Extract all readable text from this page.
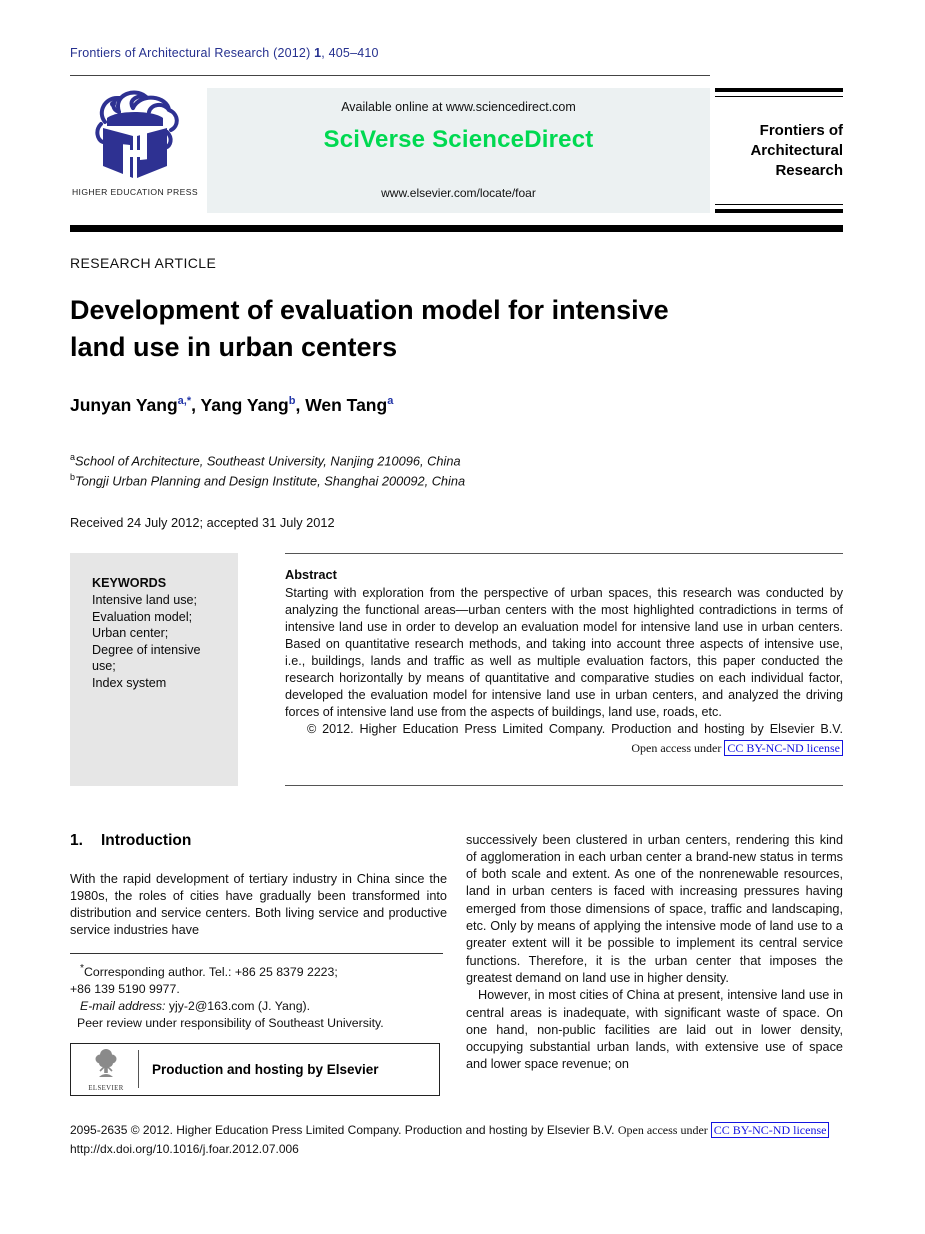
Frontiers of Architectural Research (2012) 1, 405–410
HIGHER EDUCATION PRESS
Available online at www.sciencedirect.com
SciVerse ScienceDirect
www.elsevier.com/locate/foar
Frontiers of
Architectural
Research
RESEARCH ARTICLE
Development of evaluation model for intensive
land use in urban centers
Junyan Yang$^{a,*}$, Yang Yang$^b$, Wen Tang$^a$
$^a$School of Architecture, Southeast University, Nanjing 210096, China
$^b$Tongji Urban Planning and Design Institute, Shanghai 200092, China
Received 24 July 2012; accepted 31 July 2012
KEYWORDS
Intensive land use;
Evaluation model;
Urban center;
Degree of intensive use;
Index system
Abstract
Starting with exploration from the perspective of urban spaces, this research was conducted by analyzing the functional areas—urban centers with the most highlighted contradictions in terms of intensive land use in order to develop an evaluation model for intensive land use in urban centers. Based on quantitative research methods, and taking into account three aspects of intensive use, i.e., buildings, lands and traffic as well as multiple evaluation factors, this paper conducted the research horizontally by means of quantitative and comparative studies on each individual factor, developed the evaluation model for intensive land use in urban centers, and analyzed the driving forces of intensive land use from the aspects of buildings, land use, roads, etc.
© 2012. Higher Education Press Limited Company. Production and hosting by Elsevier B.V.
Open access under CC BY-NC-ND license
1. Introduction
With the rapid development of tertiary industry in China since the 1980s, the roles of cities have gradually been transformed into distribution and service centers. Both living service and productive service industries have
*Corresponding author. Tel.: +86 25 8379 2223;
+86 139 5190 9977.
E-mail address: yjy-2@163.com (J. Yang).
Peer review under responsibility of Southeast University.
ELSEVIER
Production and hosting by Elsevier
successively been clustered in urban centers, rendering this kind of agglomeration in each urban center a brand-new status in terms of both scale and extent. As one of the nonrenewable resources, land in urban centers is faced with increasing pressures having emerged from those dimensions of space, traffic and landscaping, etc. Only by means of applying the intensive mode of land use to a greater extent will it be possible to implement its central service functions. Therefore, it is the urban center that imposes the greatest demand on land use in higher density.
However, in most cities of China at present, intensive land use in central areas is inadequate, with significant waste of space. On one hand, non-public facilities are laid out in lower density, occupying substantial urban lands, with extensive use of space and lower space revenue; on
2095-2635 © 2012. Higher Education Press Limited Company. Production and hosting by Elsevier B.V. Open access under CC BY-NC-ND license
http://dx.doi.org/10.1016/j.foar.2012.07.006
